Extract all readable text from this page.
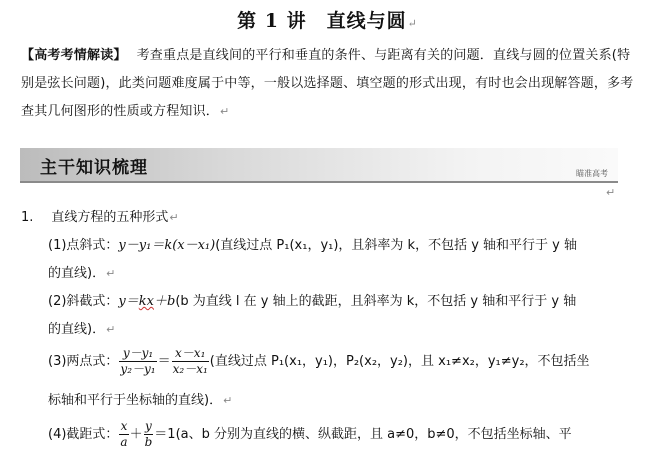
第 1 讲　直线与圆↵
【高考考情解读】 考查重点是直线间的平行和垂直的条件、与距离有关的问题．直线与圆的位置关系(特别是弦长问题)，此类问题难度属于中等，一般以选择题、填空题的形式出现，有时也会出现解答题，多考查其几何图形的性质或方程知识．↵
主干知识梳理	瞄准高考
↵
1. 直线方程的五种形式↵
(1)点斜式：y－y₁＝k(x－x₁)(直线过点 P₁(x₁，y₁)，且斜率为 k，不包括 y 轴和平行于 y 轴
的直线)．↵
(2)斜截式：y＝kx＋b(b 为直线 l 在 y 轴上的截距，且斜率为 k，不包括 y 轴和平行于 y 轴
的直线)．↵
(3)两点式： $\frac{\text{y－y₁}}{\text{y₂－y₁}} = \frac{\text{x－x₁}}{\text{x₂－x₁}}$ (直线过点 P₁(x₁，y₁)，P₂(x₂，y₂)，且 x₁≠x₂，y₁≠y₂，不包括坐
标轴和平行于坐标轴的直线)．↵
(4)截距式： $\frac{x}{a} + \frac{y}{b} =1(a$、b 分别为直线的横、纵截距，且 a≠0，b≠0，不包括坐标轴、平
